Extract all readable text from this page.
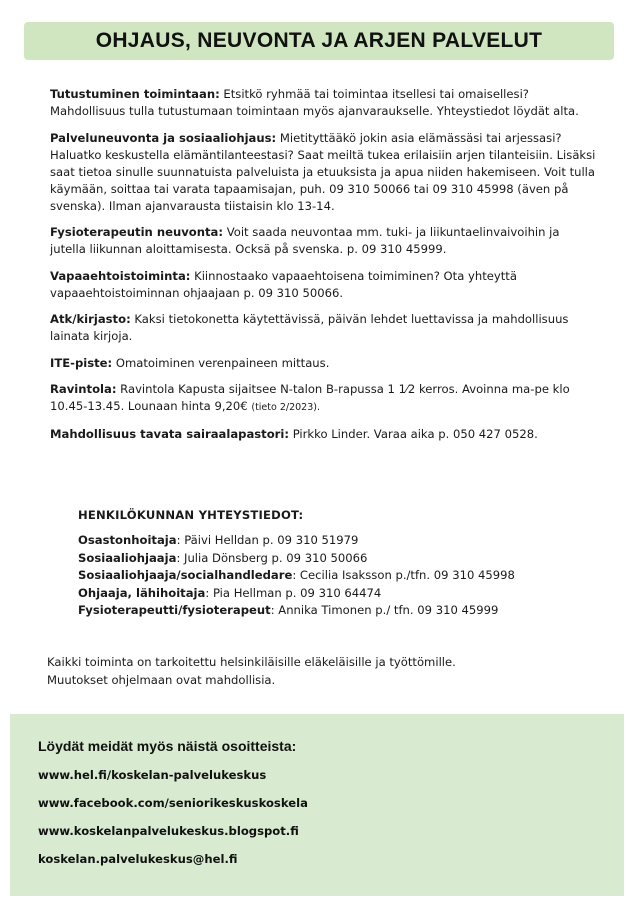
OHJAUS, NEUVONTA JA ARJEN PALVELUT

Tutustuminen toimintaan: Etsitkö ryhmää tai toimintaa itsellesi tai omaisellesi? Mahdollisuus tulla tutustumaan toimintaan myös ajanvaraukselle. Yhteystiedot löydät alta.

Palveluneuvonta ja sosiaaliohjaus: Mietityttääkö jokin asia elämässäsi tai arjessasi? Haluatko keskustella elämäntilanteestasi? Saat meiltä tukea erilaisiin arjen tilanteisiin. Lisäksi saat tietoa sinulle suunnatuista palveluista ja etuuksista ja apua niiden hakemiseen. Voit tulla käymään, soittaa tai varata tapaamisajan, puh. 09 310 50066 tai 09 310 45998 (även på svenska). Ilman ajanvarausta tiistaisin klo 13-14.

Fysioterapeutin neuvonta: Voit saada neuvontaa mm. tuki- ja liikuntaelinvaivoihin ja jutella liikunnan aloittamisesta. Ocksä på svenska. p. 09 310 45999.

Vapaaehtoistoiminta: Kiinnostaako vapaaehtoisena toimiminen? Ota yhteyttä vapaaehtoistoiminnan ohjaajaan p. 09 310 50066.

Atk/kirjasto: Kaksi tietokonetta käytettävissä, päivän lehdet luettavissa ja mahdollisuus lainata kirjoja.

ITE-piste: Omatoiminen verenpaineen mittaus.

Ravintola: Ravintola Kapusta sijaitsee N-talon B-rapussa 1 1⁄2 kerros. Avoinna ma-pe klo 10.45-13.45. Lounaan hinta 9,20€ (tieto 2/2023).

Mahdollisuus tavata sairaalapastori: Pirkko Linder. Varaa aika p. 050 427 0528.

HENKILÖKUNNAN YHTEYSTIEDOT:
Osastonhoitaja: Päivi Helldan p. 09 310 51979
Sosiaaliohjaaja: Julia Dönsberg p. 09 310 50066
Sosiaaliohjaaja/socialhandledare: Cecilia Isaksson p./tfn. 09 310 45998
Ohjaaja, lähihoitaja: Pia Hellman p. 09 310 64474
Fysioterapeutti/fysioterapeut: Annika Timonen p./ tfn. 09 310 45999
Kaikki toiminta on tarkoitettu helsinkiläisille eläkeläisille ja työttömille.
Muutokset ohjelmaan ovat mahdollisia.
Löydät meidät myös näistä osoitteista:
www.hel.fi/koskelan-palvelukeskus
www.facebook.com/seniorikeskuskoskela
www.koskelanpalvelukeskus.blogspot.fi
koskelan.palvelukeskus@hel.fi
